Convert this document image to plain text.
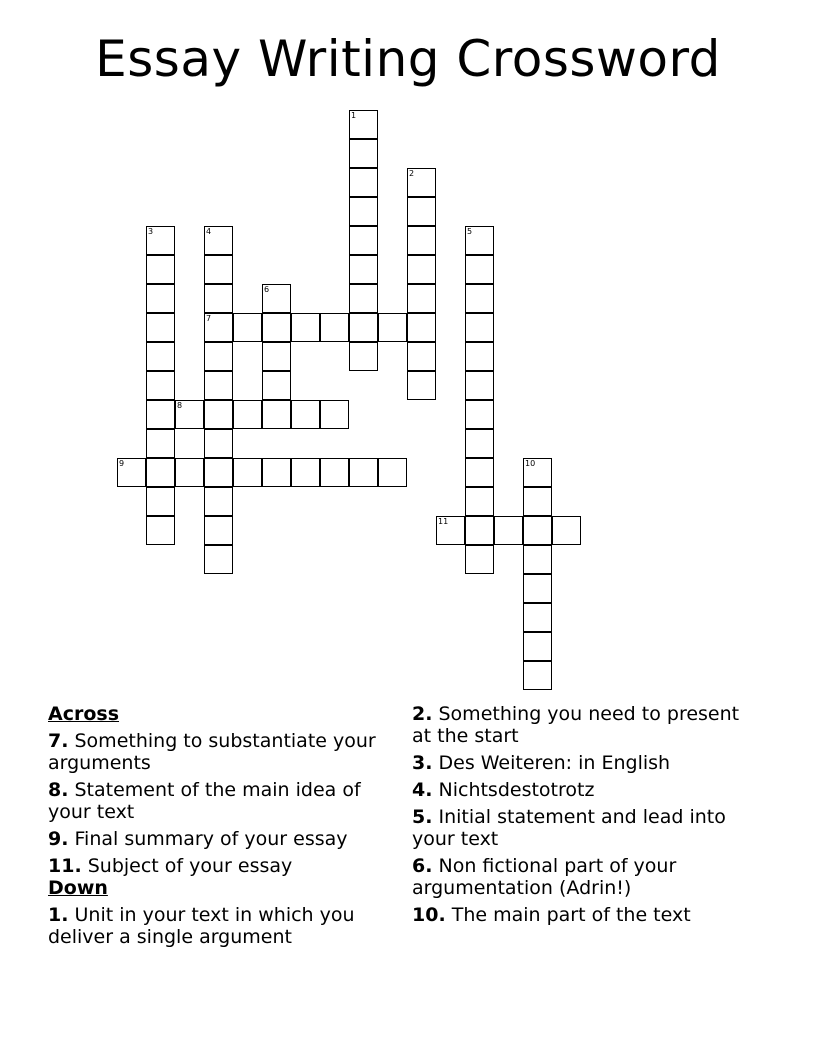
Essay Writing Crossword
1
2
3	4
7
5
6
8
9	10
11
Across
7. Something to substantiate your arguments
8. Statement of the main idea of your text
9. Final summary of your essay
11. Subject of your essay
Down
1. Unit in your text in which you deliver a single argument
2. Something you need to present at the start
3. Des Weiteren: in English
4. Nichtsdestotrotz
5. Initial statement and lead into your text
6. Non fictional part of your argumentation (Adrin!)
10. The main part of the text
